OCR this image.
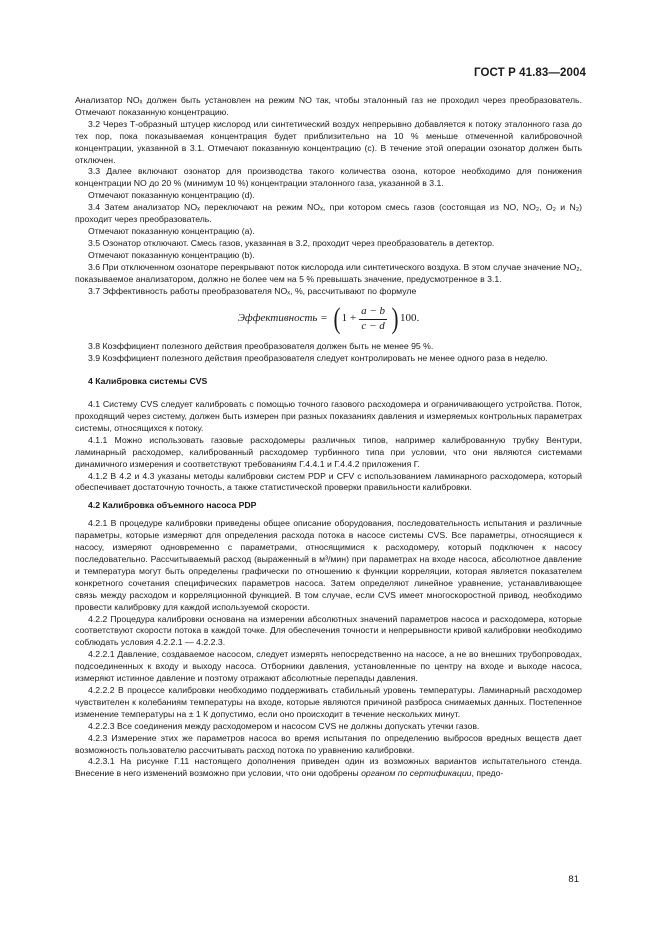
ГОСТ Р 41.83—2004

Анализатор NOₓ должен быть установлен на режим NO так, чтобы эталонный газ не проходил через преобразователь. Отмечают показанную концентрацию.

3.2 Через Т-образный штуцер кислород или синтетический воздух непрерывно добавляется к потоку эталонного газа до тех пор, пока показываемая концентрация будет приблизительно на 10 % меньше отмеченной калибровочной концентрации, указанной в 3.1. Отмечают показанную концентрацию (c). В течение этой операции озонатор должен быть отключен.

3.3 Далее включают озонатор для производства такого количества озона, которое необходимо для понижения концентрации NO до 20 % (минимум 10 %) концентрации эталонного газа, указанной в 3.1.

Отмечают показанную концентрацию (d).

3.4 Затем анализатор NOₓ переключают на режим NOₓ, при котором смесь газов (состоящая из NO, NO₂, O₂ и N₂) проходит через преобразователь.

Отмечают показанную концентрацию (a).

3.5 Озонатор отключают. Смесь газов, указанная в 3.2, проходит через преобразователь в детектор.

Отмечают показанную концентрацию (b).

3.6 При отключенном озонаторе перекрывают поток кислорода или синтетического воздуха. В этом случае значение NO₂, показываемое анализатором, должно не более чем на 5 % превышать значение, предусмотренное в 3.1.

3.7 Эффективность работы преобразователя NOₓ, %, рассчитывают по формуле

Эффективность = ( $1 + \frac{a - b}{c - d}$ ) 100.

3.8 Коэффициент полезного действия преобразователя должен быть не менее 95 %.

3.9 Коэффициент полезного действия преобразователя следует контролировать не менее одного раза в неделю.

4 Калибровка системы CVS

4.1 Систему CVS следует калибровать с помощью точного газового расходомера и ограничивающего устройства. Поток, проходящий через систему, должен быть измерен при разных показаниях давления и измеряемых контрольных параметрах системы, относящихся к потоку.

4.1.1 Можно использовать газовые расходомеры различных типов, например калиброванную трубку Вентури, ламинарный расходомер, калиброванный расходомер турбинного типа при условии, что они являются системами динамичного измерения и соответствуют требованиям Г.4.4.1 и Г.4.4.2 приложения Г.

4.1.2 В 4.2 и 4.3 указаны методы калибровки систем PDP и CFV с использованием ламинарного расходомера, который обеспечивает достаточную точность, а также статистической проверки правильности калибровки.

4.2 Калибровка объемного насоса PDP

4.2.1 В процедуре калибровки приведены общее описание оборудования, последовательность испытания и различные параметры, которые измеряют для определения расхода потока в насосе системы CVS. Все параметры, относящиеся к насосу, измеряют одновременно с параметрами, относящимися к расходомеру, который подключен к насосу последовательно. Рассчитываемый расход (выраженный в м³/мин) при параметрах на входе насоса, абсолютное давление и температура могут быть определены графически по отношению к функции корреляции, которая является показателем конкретного сочетания специфических параметров насоса. Затем определяют линейное уравнение, устанавливающее связь между расходом и корреляционной функцией. В том случае, если CVS имеет многоскоростной привод, необходимо провести калибровку для каждой используемой скорости.

4.2.2 Процедура калибровки основана на измерении абсолютных значений параметров насоса и расходомера, которые соответствуют скорости потока в каждой точке. Для обеспечения точности и непрерывности кривой калибровки необходимо соблюдать условия 4.2.2.1 — 4.2.2.3.

4.2.2.1 Давление, создаваемое насосом, следует измерять непосредственно на насосе, а не во внешних трубопроводах, подсоединенных к входу и выходу насоса. Отборники давления, установленные по центру на входе и выходе насоса, измеряют истинное давление и поэтому отражают абсолютные перепады давления.

4.2.2.2 В процессе калибровки необходимо поддерживать стабильный уровень температуры. Ламинарный расходомер чувствителен к колебаниям температуры на входе, которые являются причиной разброса снимаемых данных. Постепенное изменение температуры на ± 1 К допустимо, если оно происходит в течение нескольких минут.

4.2.2.3 Все соединения между расходомером и насосом CVS не должны допускать утечки газов.

4.2.3 Измерение этих же параметров насоса во время испытания по определению выбросов вредных веществ дает возможность пользователю рассчитывать расход потока по уравнению калибровки.

4.2.3.1 На рисунке Г.11 настоящего дополнения приведен один из возможных вариантов испытательного стенда. Внесение в него изменений возможно при условии, что они одобрены органом по сертификации, предо-

81
